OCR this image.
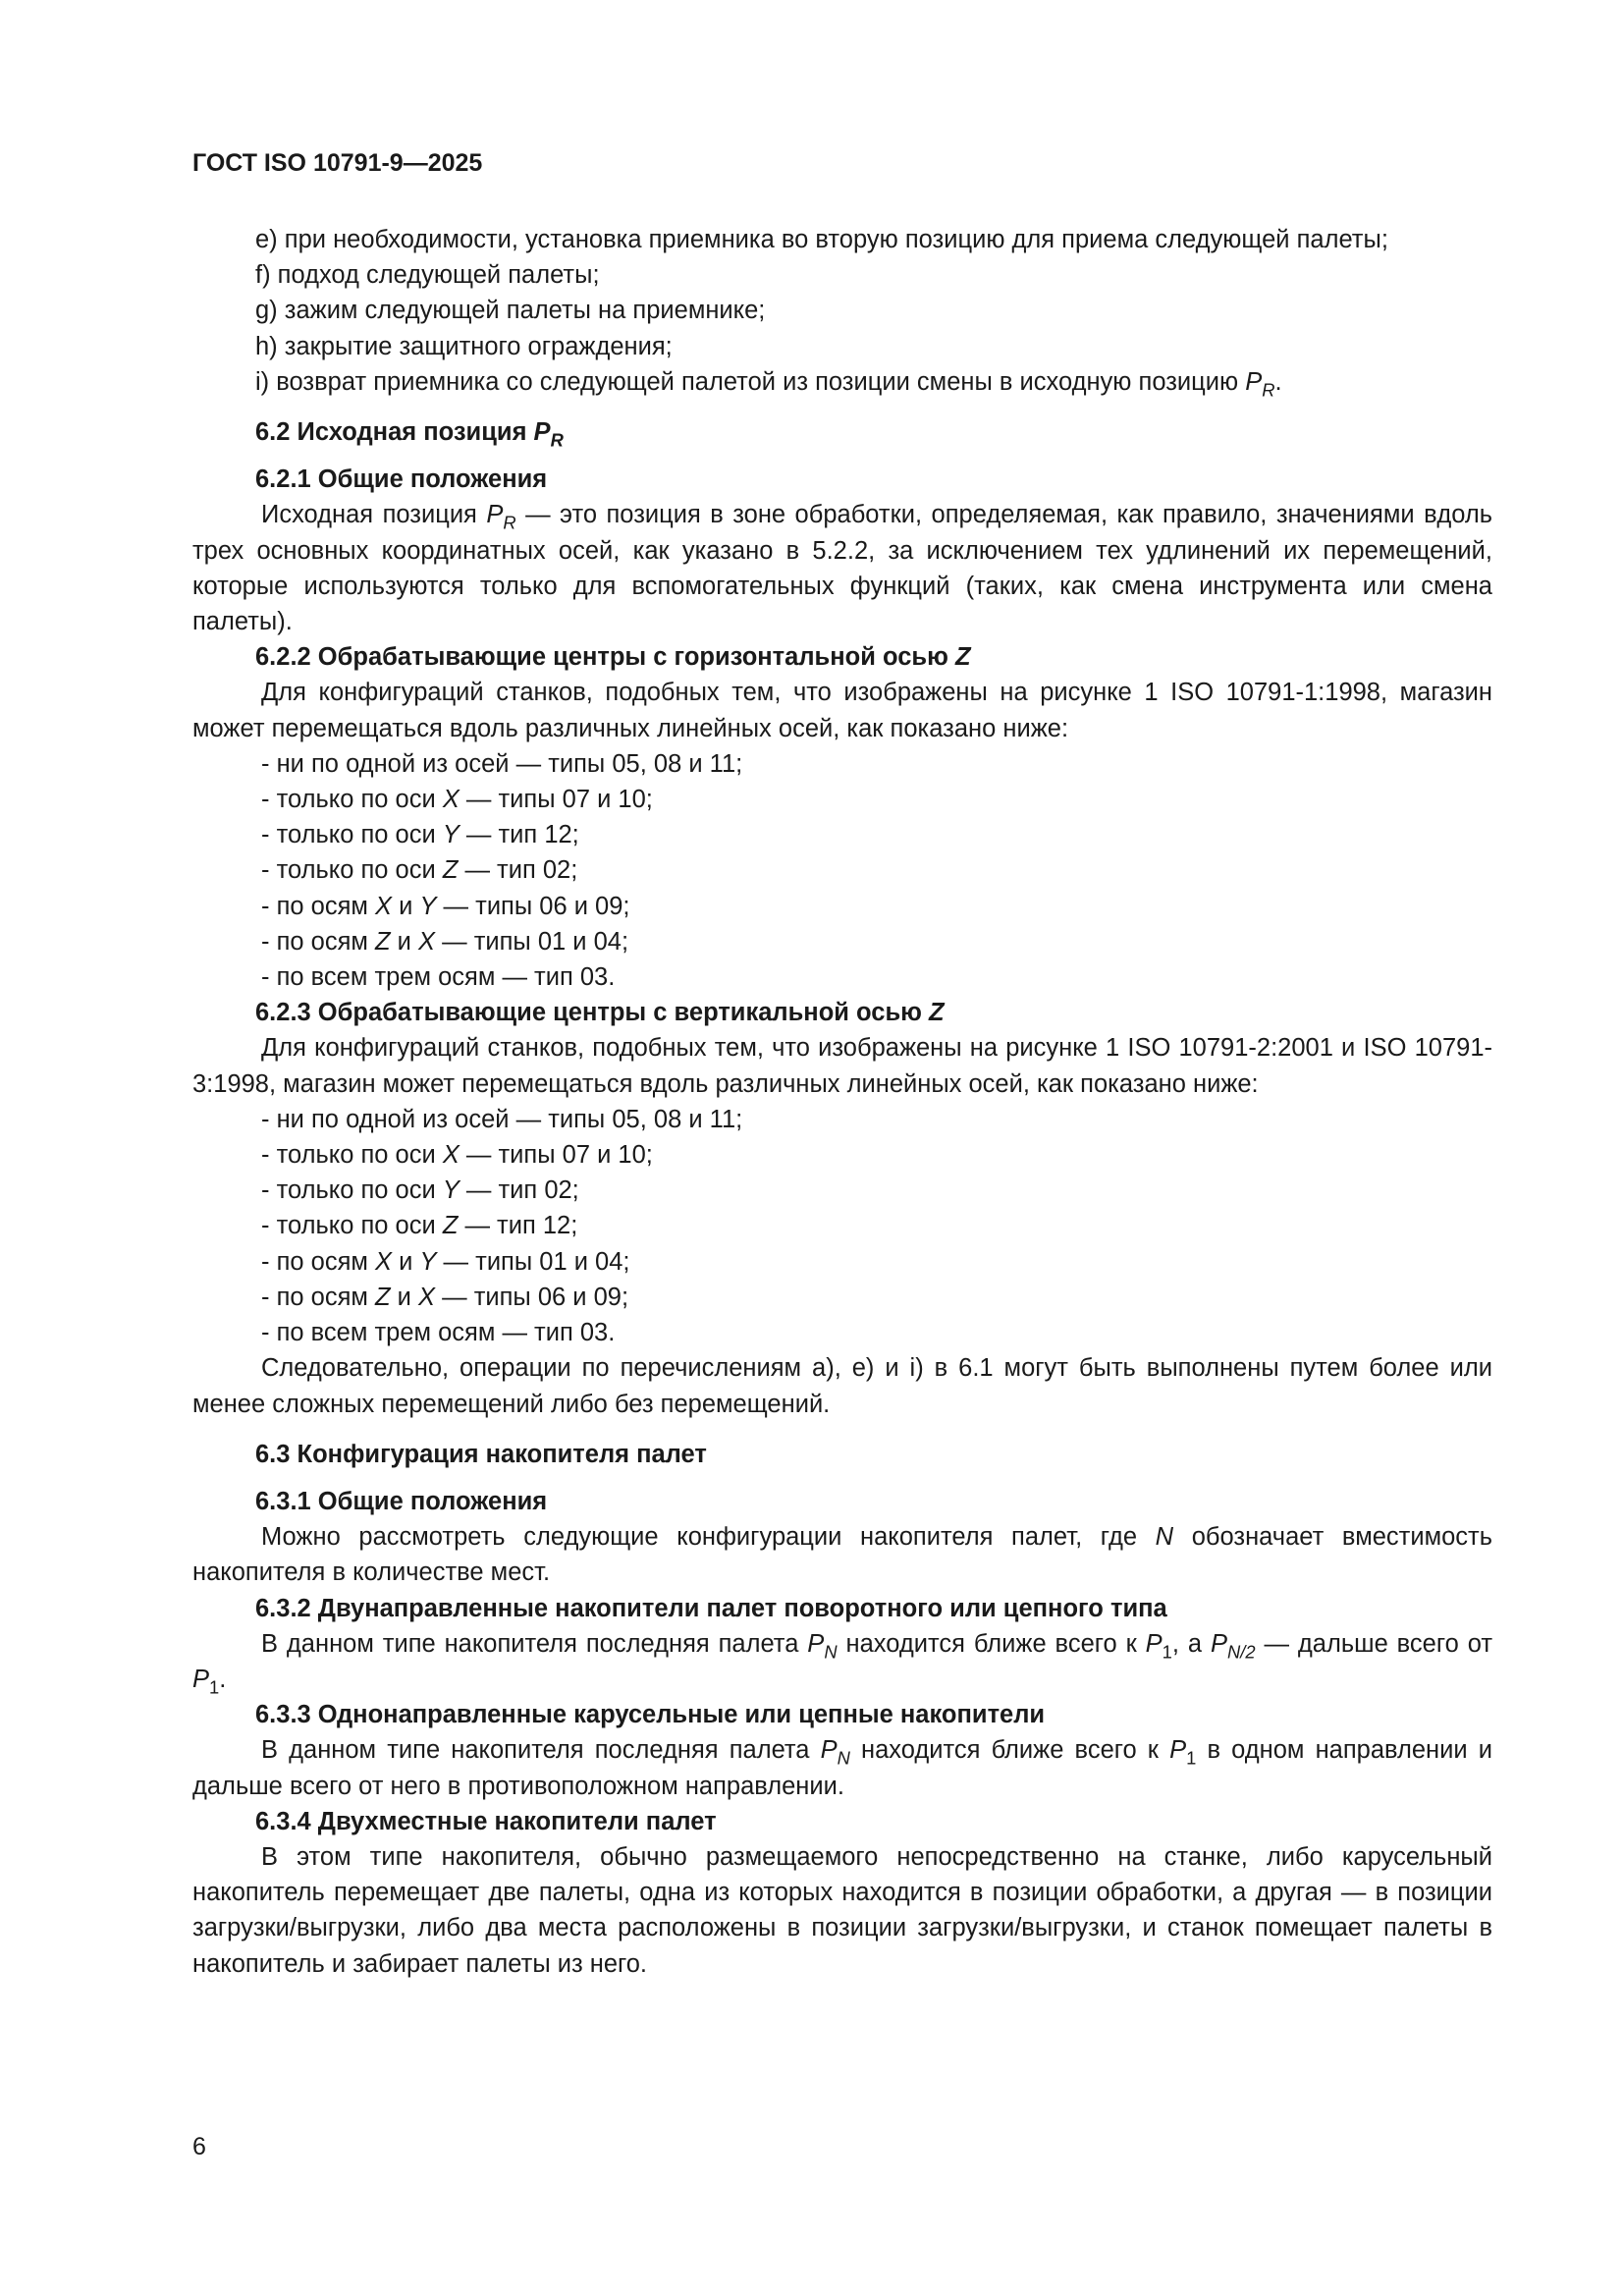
ГОСТ ISO 10791-9—2025

e) при необходимости, установка приемника во вторую позицию для приема следующей палеты;

f) подход следующей палеты;

g) зажим следующей палеты на приемнике;

h) закрытие защитного ограждения;

i) возврат приемника со следующей палетой из позиции смены в исходную позицию $P_R$.

6.2 Исходная позиция $P_R$

6.2.1 Общие положения

Исходная позиция $P_R$ — это позиция в зоне обработки, определяемая, как правило, значениями вдоль трех основных координатных осей, как указано в 5.2.2, за исключением тех удлинений их перемещений, которые используются только для вспомогательных функций (таких, как смена инструмента или смена палеты).

6.2.2 Обрабатывающие центры с горизонтальной осью Z

Для конфигураций станков, подобных тем, что изображены на рисунке 1 ISO 10791-1:1998, магазин может перемещаться вдоль различных линейных осей, как показано ниже:

- ни по одной из осей — типы 05, 08 и 11;

- только по оси X — типы 07 и 10;

- только по оси Y — тип 12;

- только по оси Z — тип 02;

- по осям X и Y — типы 06 и 09;

- по осям Z и X — типы 01 и 04;

- по всем трем осям — тип 03.

6.2.3 Обрабатывающие центры с вертикальной осью Z

Для конфигураций станков, подобных тем, что изображены на рисунке 1 ISO 10791-2:2001 и ISO 10791-3:1998, магазин может перемещаться вдоль различных линейных осей, как показано ниже:

- ни по одной из осей — типы 05, 08 и 11;

- только по оси X — типы 07 и 10;

- только по оси Y — тип 02;

- только по оси Z — тип 12;

- по осям X и Y — типы 01 и 04;

- по осям Z и X — типы 06 и 09;

- по всем трем осям — тип 03.

Следовательно, операции по перечислениям а), е) и i) в 6.1 могут быть выполнены путем более или менее сложных перемещений либо без перемещений.

6.3 Конфигурация накопителя палет

6.3.1 Общие положения

Можно рассмотреть следующие конфигурации накопителя палет, где N обозначает вместимость накопителя в количестве мест.

6.3.2 Двунаправленные накопители палет поворотного или цепного типа

В данном типе накопителя последняя палета $P_N$ находится ближе всего к $P_1$, а $P_{N/2}$ — дальше всего от $P_1$.

6.3.3 Однонаправленные карусельные или цепные накопители

В данном типе накопителя последняя палета $P_N$ находится ближе всего к $P_1$ в одном направлении и дальше всего от него в противоположном направлении.

6.3.4 Двухместные накопители палет

В этом типе накопителя, обычно размещаемого непосредственно на станке, либо карусельный накопитель перемещает две палеты, одна из которых находится в позиции обработки, а другая — в позиции загрузки/выгрузки, либо два места расположены в позиции загрузки/выгрузки, и станок помещает палеты в накопитель и забирает палеты из него.

6
